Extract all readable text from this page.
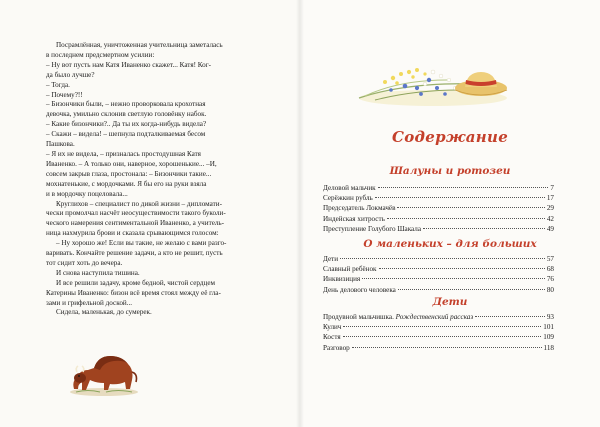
Посрамлённая, уничтоженная учительница заметалась

в последнем предсмертном усилии:

– Ну вот пусть нам Катя Иваненко скажет... Катя! Ког-

да было лучше?

– Тогда.

– Почему?!!

– Бизончики были, – нежно проворковала крохотная

девочка, умильно склонив светлую головёнку набок.

– Какие бизончики?.. Да ты их когда-нибудь видела?

– Скажи – видела! – шепнула подталкиваемая бесом

Пашкова.

– Я их не видела, – призналась простодушная Катя

Иваненко. – А только они, наверное, хорошенькие... –И,

совсем закрыв глаза, простонала: – Бизончики такие...

мохнатенькие, с мордочками. Я бы его на руки взяла

и в мордочку поцеловала...

Круглихов – специалист по дикой жизни – дипломати-

чески промолчал насчёт неосуществимости такого буколи-

ческого намерения сентиментальной Иваненко, а учитель-

ница нахмурила брови и сказала срывающимся голосом:

– Ну хорошо же! Если вы такие, не желаю с вами разго-

варивать. Кончайте решение задачи, а кто не решит, пусть

тот сидит хоть до вечера.

И снова наступила тишина.

И все решили задачу, кроме бедной, чистой сердцем

Катерины Иваненко: бизон всё время стоял между её гла-

зами и грифельной доской...

Сидела, маленькая, до сумерек.

Содержание
Шалуны и ротозеи
Деловой мальчик	7
Серёжкин рубль	17
Председатель Локмачёв	29
Индейская хитрость	42
Преступление Голубого Шакала	49
О маленьких – для больших
Дети	57
Славный ребёнок	68
Инквизиция	76
День делового человека	80
Дети
Продувной мальчишка. Рождественский рассказ	93
Кулич	101
Костя	109
Разговор	118
